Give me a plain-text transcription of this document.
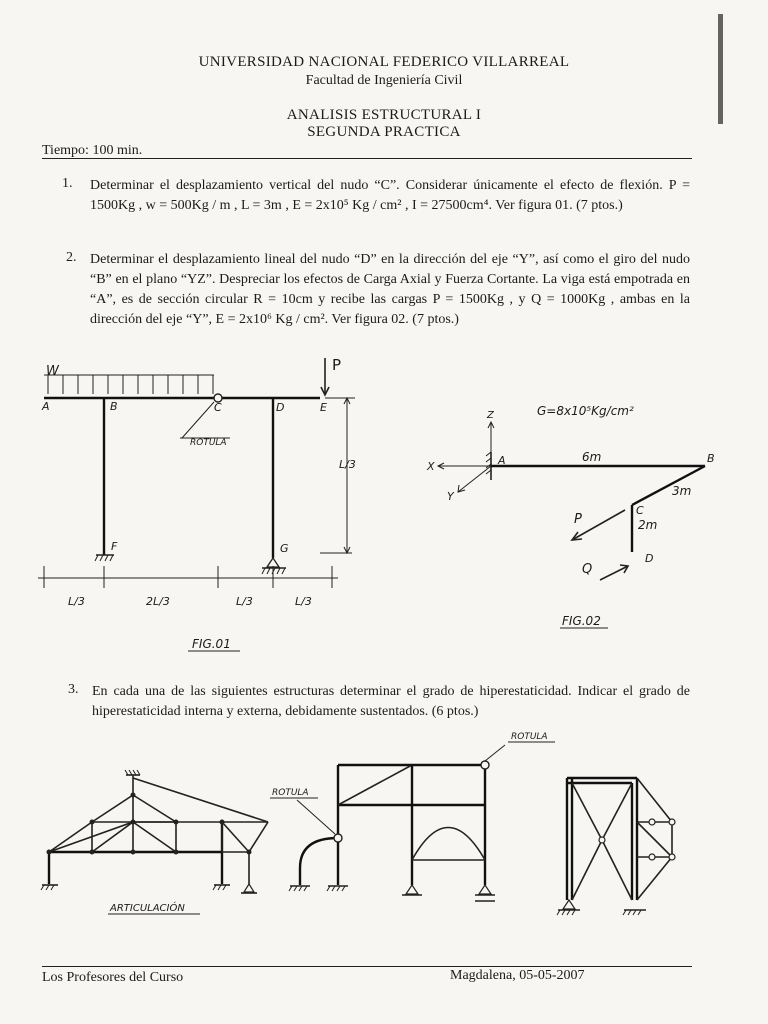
UNIVERSIDAD NACIONAL FEDERICO VILLARREAL
Facultad de Ingeniería Civil
ANALISIS ESTRUCTURAL I
SEGUNDA PRACTICA
Tiempo: 100 min.
1. Determinar el desplazamiento vertical del nudo “C”. Considerar únicamente el efecto de flexión. P = 1500Kg , w = 500Kg / m , L = 3m , E = 2x10⁵ Kg / cm² , I = 27500cm⁴. Ver figura 01. (7 ptos.)
2. Determinar el desplazamiento lineal del nudo “D” en la dirección del eje “Y”, así como el giro del nudo “B” en el plano “YZ”. Despreciar los efectos de Carga Axial y Fuerza Cortante. La viga está empotrada en “A”, es de sección circular R = 10cm y recibe las cargas P = 1500Kg , y Q = 1000Kg , ambas en la dirección del eje “Y”, E = 2x10⁶ Kg / cm². Ver figura 02. (7 ptos.)
W	P
A	B	C	D	E
F	G
ROTULA
L/3
L/3	2L/3	L/3	L/3
FIG.01
G=8x10⁵Kg/cm²
Z
X
Y
A	B
C
D
6m
3m
2m
P
Q
FIG.02
3. En cada una de las siguientes estructuras determinar el grado de hiperestaticidad. Indicar el grado de hiperestaticidad interna y externa, debidamente sustentados. (6 ptos.)
ROTULA
ROTULA
ARTICULACIÓN
Los Profesores del Curso	Magdalena, 05-05-2007
